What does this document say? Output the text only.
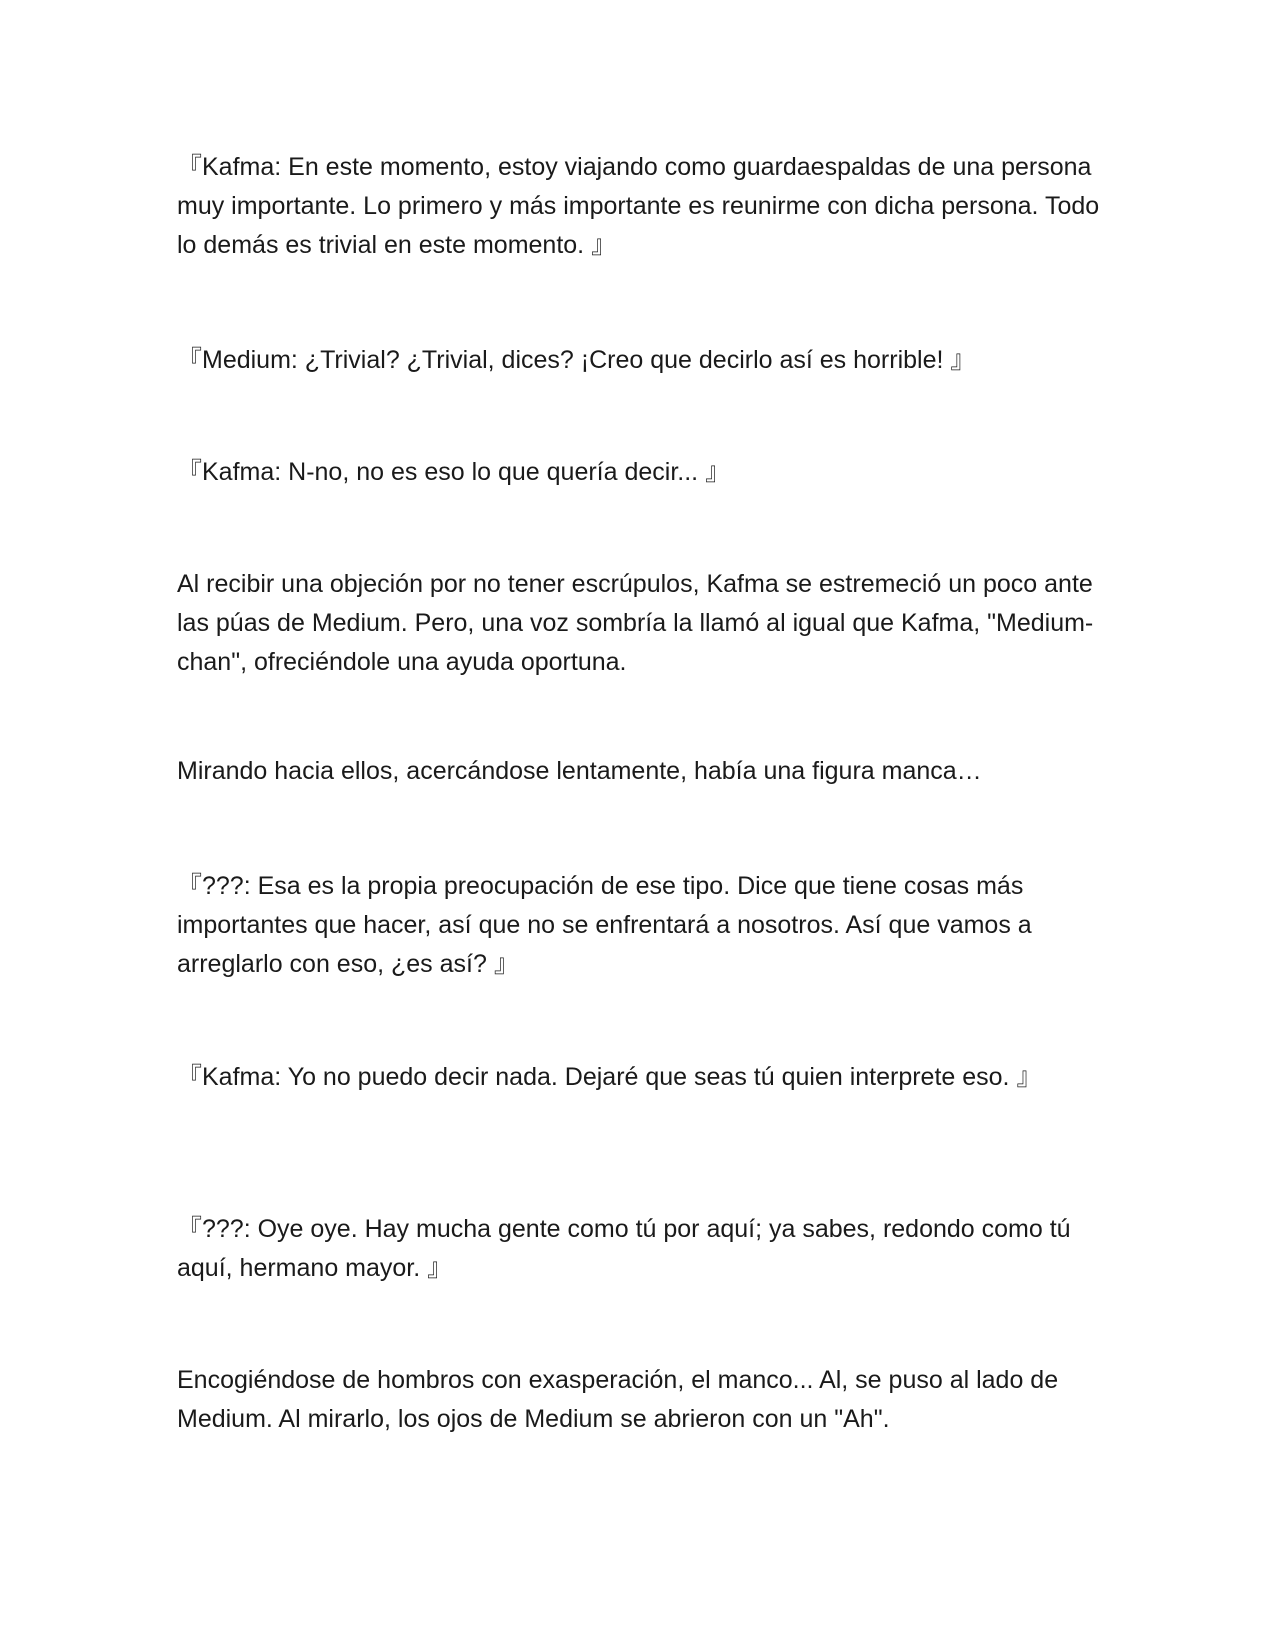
『Kafma: En este momento, estoy viajando como guardaespaldas de una persona muy importante. Lo primero y más importante es reunirme con dicha persona. Todo lo demás es trivial en este momento. 』

『Medium: ¿Trivial? ¿Trivial, dices? ¡Creo que decirlo así es horrible! 』

『Kafma: N-no, no es eso lo que quería decir... 』

Al recibir una objeción por no tener escrúpulos, Kafma se estremeció un poco ante las púas de Medium. Pero, una voz sombría la llamó al igual que Kafma, "Medium-chan", ofreciéndole una ayuda oportuna.

Mirando hacia ellos, acercándose lentamente, había una figura manca…

『???: Esa es la propia preocupación de ese tipo. Dice que tiene cosas más importantes que hacer, así que no se enfrentará a nosotros. Así que vamos a arreglarlo con eso, ¿es así? 』

『Kafma: Yo no puedo decir nada. Dejaré que seas tú quien interprete eso. 』

『???: Oye oye. Hay mucha gente como tú por aquí; ya sabes, redondo como tú aquí, hermano mayor. 』

Encogiéndose de hombros con exasperación, el manco... Al, se puso al lado de Medium. Al mirarlo, los ojos de Medium se abrieron con un "Ah".
